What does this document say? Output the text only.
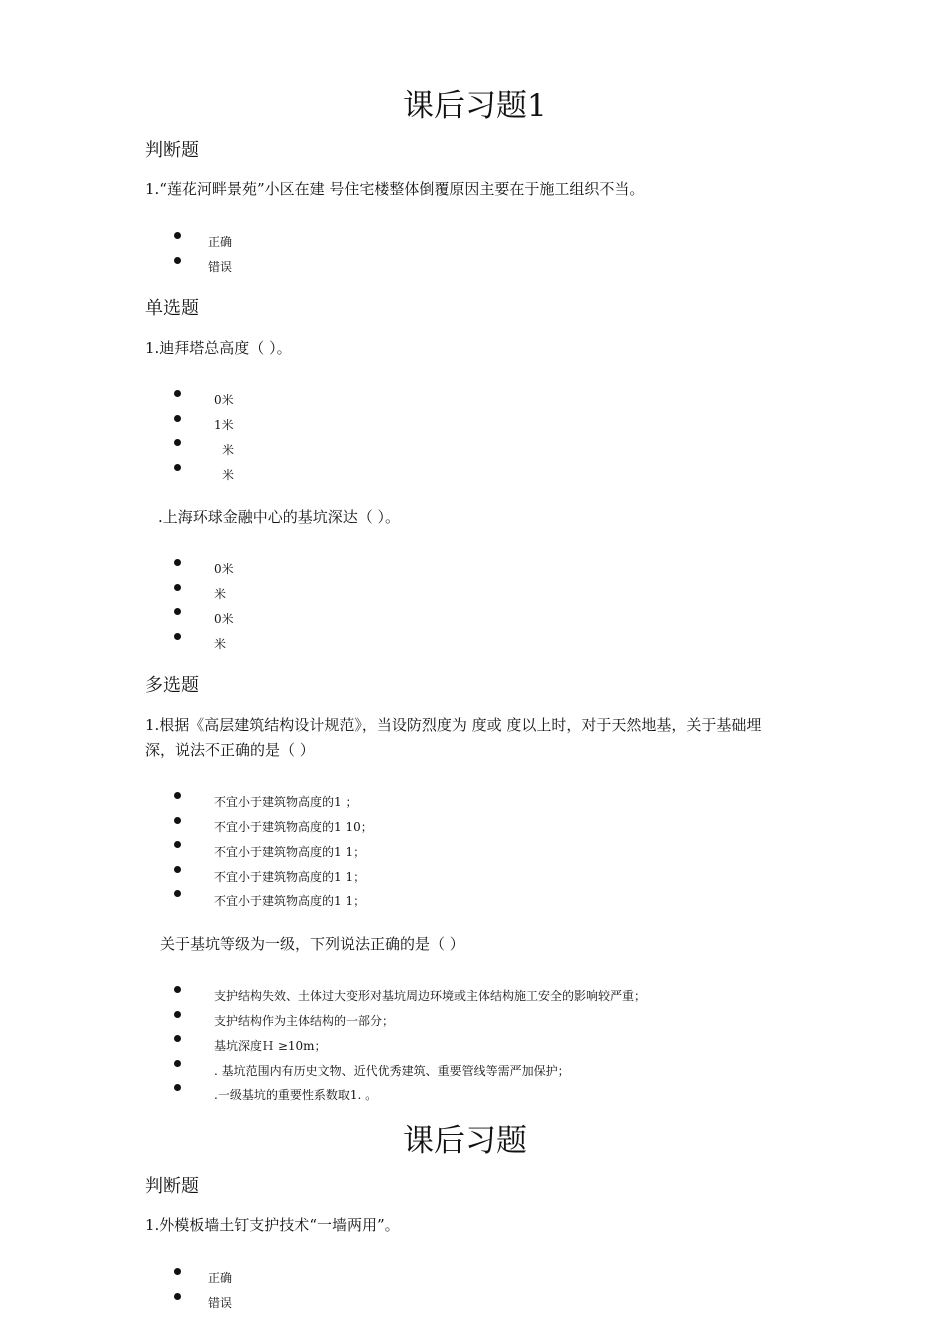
课后习题1
判断题
1.“莲花河畔景苑”小区在建 号住宅楼整体倒覆原因主要在于施工组织不当。
正确
错误
单选题
1.迪拜塔总高度（ ）。
0米
1米
米
米
.上海环球金融中心的基坑深达（ ）。
0米
米
0米
米
多选题
1.根据《高层建筑结构设计规范》，当设防烈度为 度或 度以上时，对于天然地基，关于基础埋
深，说法不正确的是（ ）
不宜小于建筑物高度的1 ；
不宜小于建筑物高度的1 10；
不宜小于建筑物高度的1 1；
不宜小于建筑物高度的1 1；
不宜小于建筑物高度的1 1；
关于基坑等级为一级，下列说法正确的是（ ）
支护结构失效、土体过大变形对基坑周边环境或主体结构施工安全的影响较严重；
支护结构作为主体结构的一部分；
基坑深度Ｈ ≥10m；
. 基坑范围内有历史文物、近代优秀建筑、重要管线等需严加保护；
.一级基坑的重要性系数取1. 。
课后习题
判断题
1.外模板墙土钉支护技术“一墙两用”。
正确
错误
